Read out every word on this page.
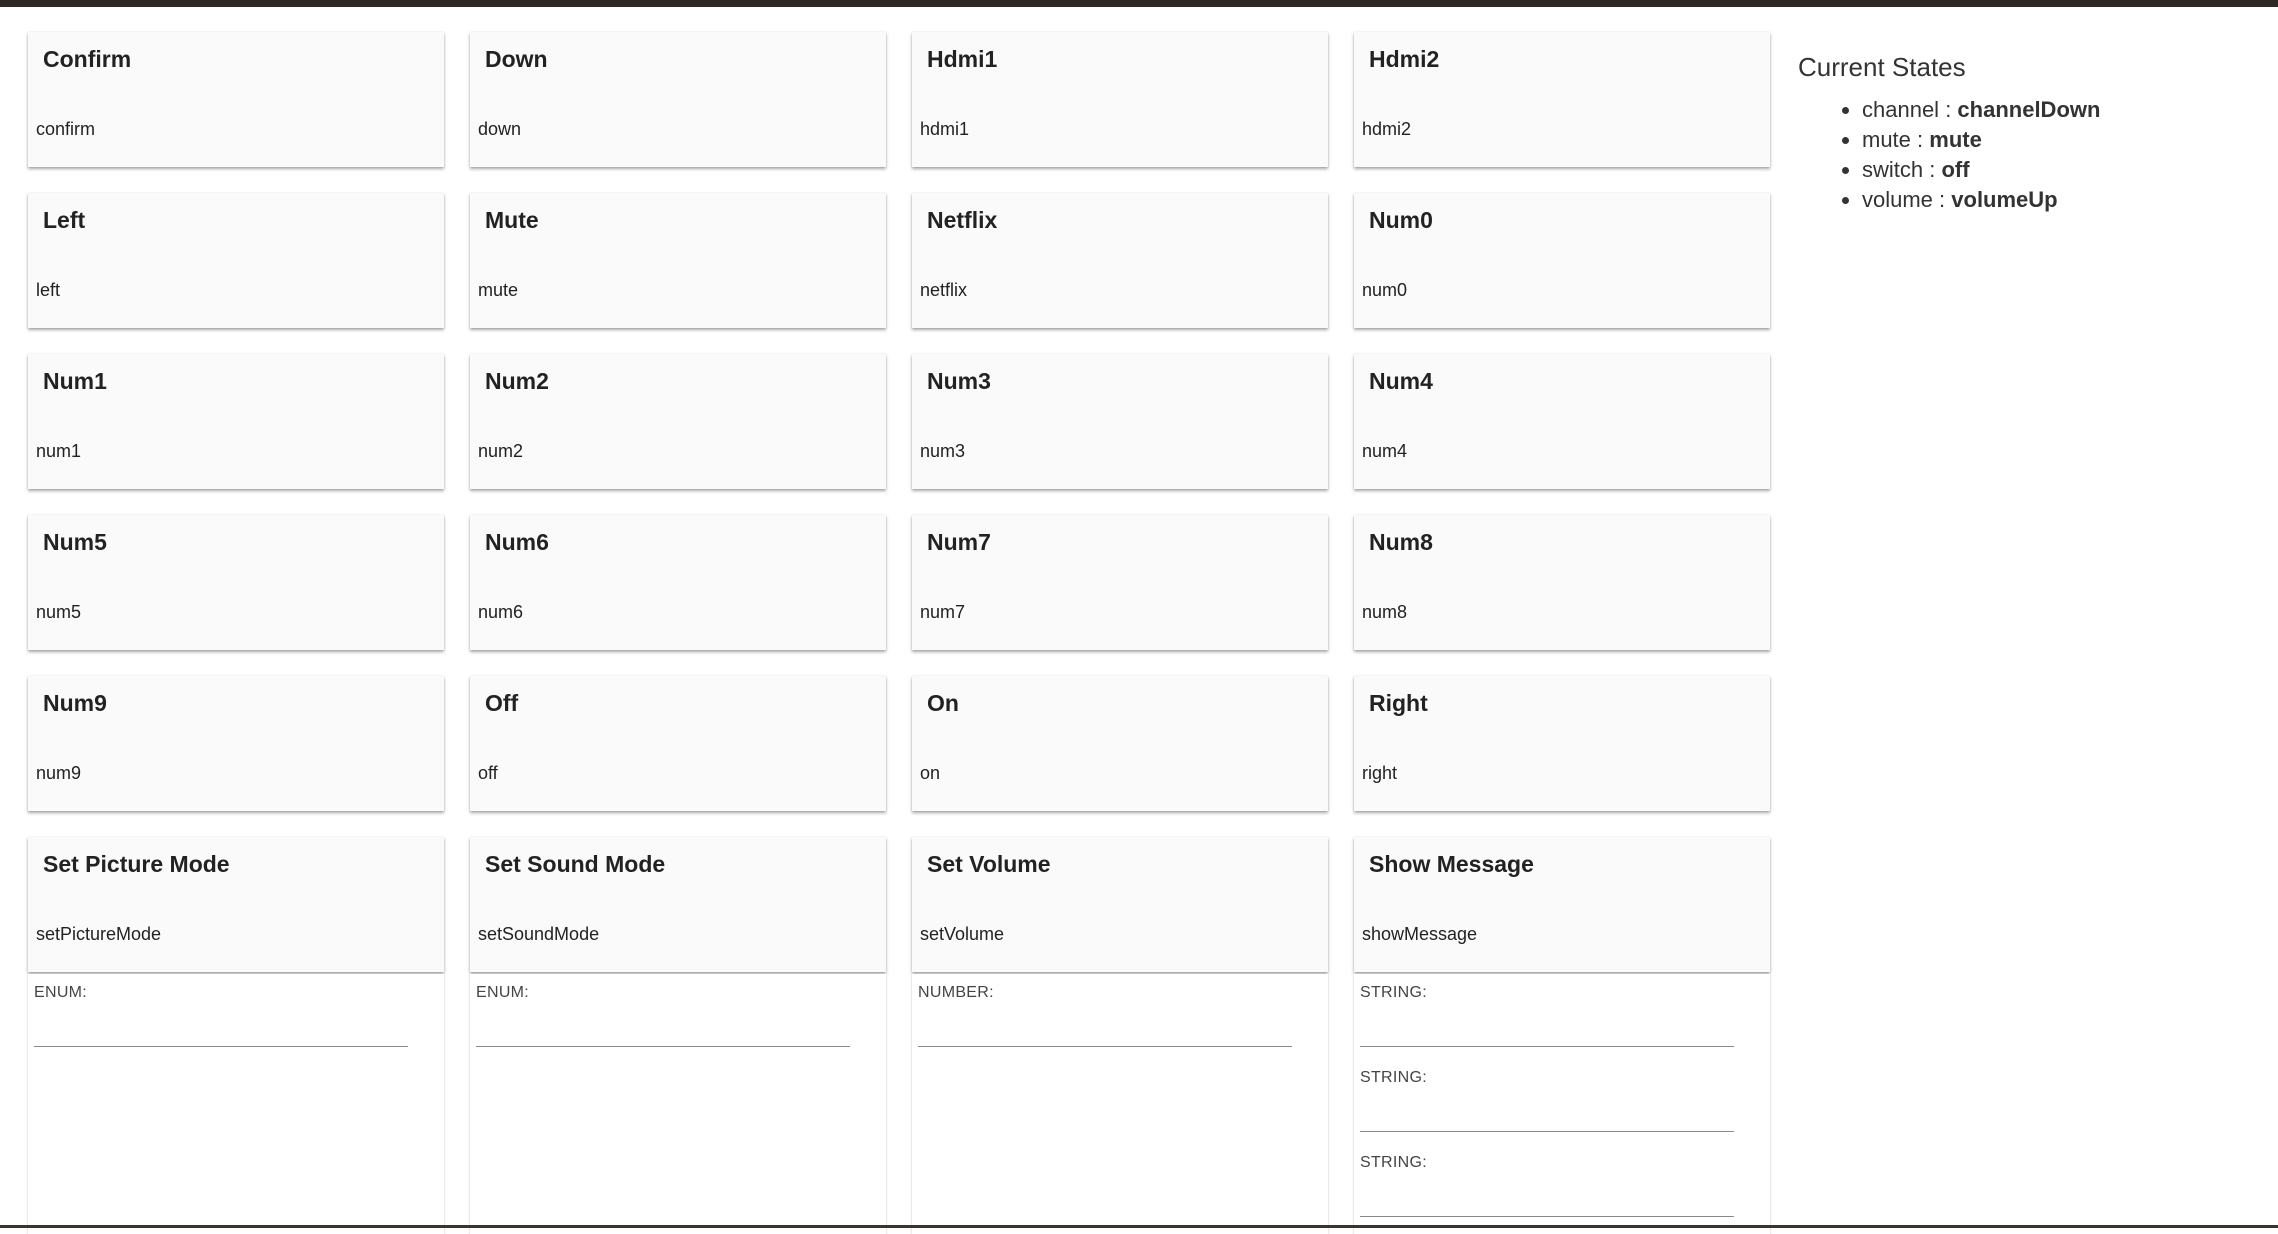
Confirm
confirm
Down
down
Hdmi1
hdmi1
Hdmi2
hdmi2
Left
left
Mute
mute
Netflix
netflix
Num0
num0
Num1
num1
Num2
num2
Num3
num3
Num4
num4
Num5
num5
Num6
num6
Num7
num7
Num8
num8
Num9
num9
Off
off
On
on
Right
right
Set Picture Mode
setPictureMode
Set Sound Mode
setSoundMode
Set Volume
setVolume
Show Message
showMessage
ENUM:	ENUM:	NUMBER:	STRING:
STRING:
STRING:
Current States
• channel : channelDown
• mute : mute
• switch : off
• volume : volumeUp
